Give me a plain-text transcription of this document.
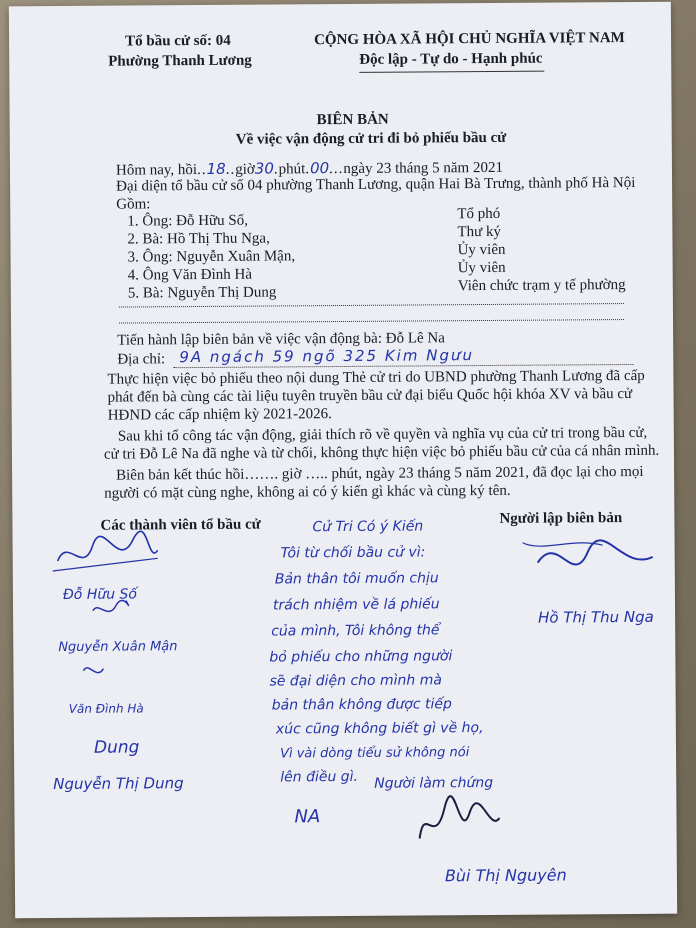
Tổ bầu cử số: 04
Phường Thanh Lương
CỘNG HÒA XÃ HỘI CHỦ NGHĨA VIỆT NAM
Độc lập - Tự do - Hạnh phúc
BIÊN BẢN
Về việc vận động cử tri đi bỏ phiếu bầu cử
Hôm nay, hồi..18..giờ30.phút.00...ngày 23 tháng 5 năm 2021
Đại diện tổ bầu cử số 04 phường Thanh Lương, quận Hai Bà Trưng, thành phố Hà Nội
Gồm:
1. Ông: Đỗ Hữu Số,	Tổ phó
2. Bà: Hồ Thị Thu Nga,	Thư ký
3. Ông: Nguyễn Xuân Mận,	Ủy viên
4. Ông Văn Đình Hà	Ủy viên
5. Bà: Nguyễn Thị Dung	Viên chức trạm y tế phường
Tiến hành lập biên bản về việc vận động bà: Đỗ Lê Na
Địa chỉ: 9A ngách 59 ngõ 325 Kim Ngưu
Thực hiện việc bỏ phiếu theo nội dung Thẻ cử tri do UBND phường Thanh Lương đã cấp
phát đến bà cùng các tài liệu tuyên truyền bầu cử đại biểu Quốc hội khóa XV và bầu cử
HĐND các cấp nhiệm kỳ 2021-2026.
Sau khi tổ công tác vận động, giải thích rõ về quyền và nghĩa vụ của cử tri trong bầu cử,
cử tri Đỗ Lê Na đã nghe và từ chối, không thực hiện việc bỏ phiếu bầu cử của cá nhân mình.
Biên bản kết thúc hồi……. giờ ….. phút, ngày 23 tháng 5 năm 2021, đã đọc lại cho mọi
người có mặt cùng nghe, không ai có ý kiến gì khác và cùng ký tên.
Các thành viên tổ bầu cử	Người lập biên bản
Cử Tri Có ý Kiến
Tôi từ chối bầu cử vì:
Bản thân tôi muốn chịu
trách nhiệm về lá phiếu
của mình, Tôi không thể
bỏ phiếu cho những người
sẽ đại diện cho mình mà
bản thân không được tiếp
xúc cũng không biết gì về họ,
Vì vài dòng tiểu sử không nói
lên điều gì.
Đỗ Hữu Số
Nguyễn Xuân Mận
Văn Đình Hà
Dung
Nguyễn Thị Dung
Hồ Thị Thu Nga
NA
Người làm chứng
Bùi Thị Nguyên
